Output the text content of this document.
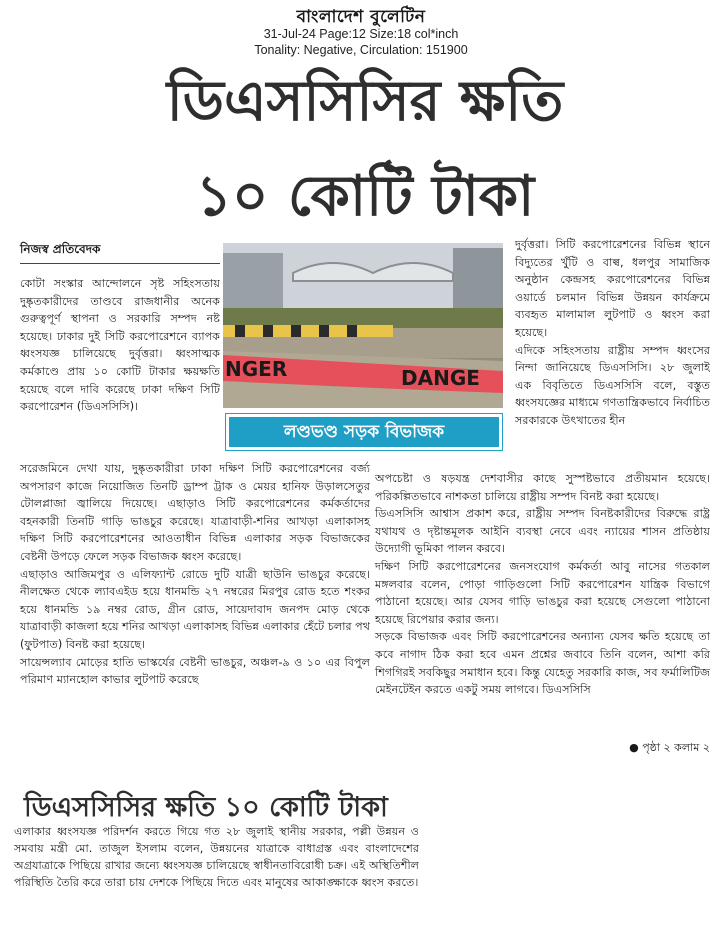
বাংলাদেশ বুলেটিন
31-Jul-24 Page:12 Size:18 col*inch
Tonality: Negative, Circulation: 151900
ডিএসসিসির ক্ষতি
১০ কোটি টাকা
নিজস্ব প্রতিবেদক
কোটা সংস্কার আন্দোলনে সৃষ্ট সহিংসতায় দুষ্কৃতকারীদের তাণ্ডবে রাজধানীর অনেক গুরুত্বপূর্ণ স্থাপনা ও সরকারি সম্পদ নষ্ট হয়েছে। ঢাকার দুই সিটি করপোরেশনে ব্যাপক ধ্বংসযজ্ঞ চালিয়েছে দুর্বৃত্তরা। ধ্বংসাত্মক কর্মকাণ্ডে প্রায় ১০ কোটি টাকার ক্ষয়ক্ষতি হয়েছে বলে দাবি করেছে ঢাকা দক্ষিণ সিটি করপোরেশন (ডিএসসিসি)।
NGER	DANGE
লণ্ডভণ্ড সড়ক বিভাজক
দুর্বৃত্তরা। সিটি করপোরেশনের বিভিন্ন স্থানে বিদ্যুতের খুঁটি ও বাল্ব, ধলপুর সামাজিক অনুষ্ঠান কেন্দ্রসহ করপোরেশনের বিভিন্ন ওয়ার্ডে চলমান বিভিন্ন উন্নয়ন কার্যক্রমে ব্যবহৃত মালামাল লুটপাট ও ধ্বংস করা হয়েছে।
এদিকে সহিংসতায় রাষ্ট্রীয় সম্পদ ধ্বংসের নিন্দা জানিয়েছে ডিএসসিসি। ২৮ জুলাই এক বিবৃতিতে ডিএসসিসি বলে, বস্তুত ধ্বংসযজ্ঞের মাধ্যমে গণতান্ত্রিকভাবে নির্বাচিত সরকারকে উৎখাতের হীন
সরেজমিনে দেখা যায়, দুষ্কৃতকারীরা ঢাকা দক্ষিণ সিটি করপোরেশনের বর্জ্য অপসারণ কাজে নিয়োজিত তিনটি ড্রাম্প ট্রাক ও মেয়র হানিফ উড়ালসেতুর টোলপ্লাজা জ্বালিয়ে দিয়েছে। এছাড়াও সিটি করপোরেশনের কর্মকর্তাদের বহনকারী তিনটি গাড়ি ভাঙচুর করেছে। যাত্রাবাড়ী-শনির আখড়া এলাকাসহ দক্ষিণ সিটি করপোরেশনের আওতাধীন বিভিন্ন এলাকার সড়ক বিভাজকের বেষ্টনী উপড়ে ফেলে সড়ক বিভাজক ধ্বংস করেছে।
এছাড়াও আজিমপুর ও এলিফ্যান্ট রোডে দুটি যাত্রী ছাউনি ভাঙচুর করেছে। নীলক্ষেত থেকে ল্যাবএইড হয়ে ধানমন্ডি ২৭ নম্বরের মিরপুর রোড হতে শংকর হয়ে ধানমন্ডি ১৯ নম্বর রোড, গ্রীন রোড, সায়েদাবাদ জনপদ মোড় থেকে যাত্রাবাড়ী কাজলা হয়ে শনির আখড়া এলাকাসহ বিভিন্ন এলাকার হেঁটে চলার পথ (ফুটপাত) বিনষ্ট করা হয়েছে।
সায়েন্সল্যাব মোড়ের হাতি ভাস্কর্যের বেষ্টনী ভাঙচুর, অঞ্চল-৯ ও ১০ এর বিপুল পরিমাণ ম্যানহোল কাভার লুটপাট করেছে
অপচেষ্টা ও ষড়যন্ত্র দেশবাসীর কাছে সুস্পষ্টভাবে প্রতীয়মান হয়েছে। পরিকল্পিতভাবে নাশকতা চালিয়ে রাষ্ট্রীয় সম্পদ বিনষ্ট করা হয়েছে।
ডিএসসিসি আশ্বাস প্রকাশ করে, রাষ্ট্রীয় সম্পদ বিনষ্টকারীদের বিরুদ্ধে রাষ্ট্র যথাযথ ও দৃষ্টান্তমূলক আইনি ব্যবস্থা নেবে এবং ন্যায়ের শাসন প্রতিষ্ঠায় উদ্যোগী ভূমিকা পালন করবে।
দক্ষিণ সিটি করপোরেশনের জনসংযোগ কর্মকর্তা আবু নাসের গতকাল মঙ্গলবার বলেন, পোড়া গাড়িগুলো সিটি করপোরেশন যান্ত্রিক বিভাগে পাঠানো হয়েছে। আর যেসব গাড়ি ভাঙচুর করা হয়েছে সেগুলো পাঠানো হয়েছে রিপেয়ার করার জন্য।
সড়কে বিভাজক এবং সিটি করপোরেশনের অন্যান্য যেসব ক্ষতি হয়েছে তা কবে নাগাদ ঠিক করা হবে এমন প্রশ্নের জবাবে তিনি বলেন, আশা করি শিগগিরই সবকিছুর সমাধান হবে। কিন্তু যেহেতু সরকারি কাজ, সব ফর্মালিটিজ মেইনটেইন করতে একটু সময় লাগবে। ডিএসসিসি
● পৃষ্ঠা ২ কলাম ২
ডিএসসিসির ক্ষতি ১০ কোটি টাকা
এলাকার ধ্বংসযজ্ঞ পরিদর্শন করতে গিয়ে গত ২৮ জুলাই স্থানীয় সরকার, পল্লী উন্নয়ন ও সমবায় মন্ত্রী মো. তাজুল ইসলাম বলেন, উন্নয়নের যাত্রাকে বাধাগ্রস্ত এবং বাংলাদেশের অগ্রযাত্রাকে পিছিয়ে রাখার জন্যে ধ্বংসযজ্ঞ চালিয়েছে স্বাধীনতাবিরোধী চক্র। এই অস্থিতিশীল পরিস্থিতি তৈরি করে তারা চায় দেশকে পিছিয়ে দিতে এবং মানুষের আকাঙ্ক্ষাকে ধ্বংস করতে।
